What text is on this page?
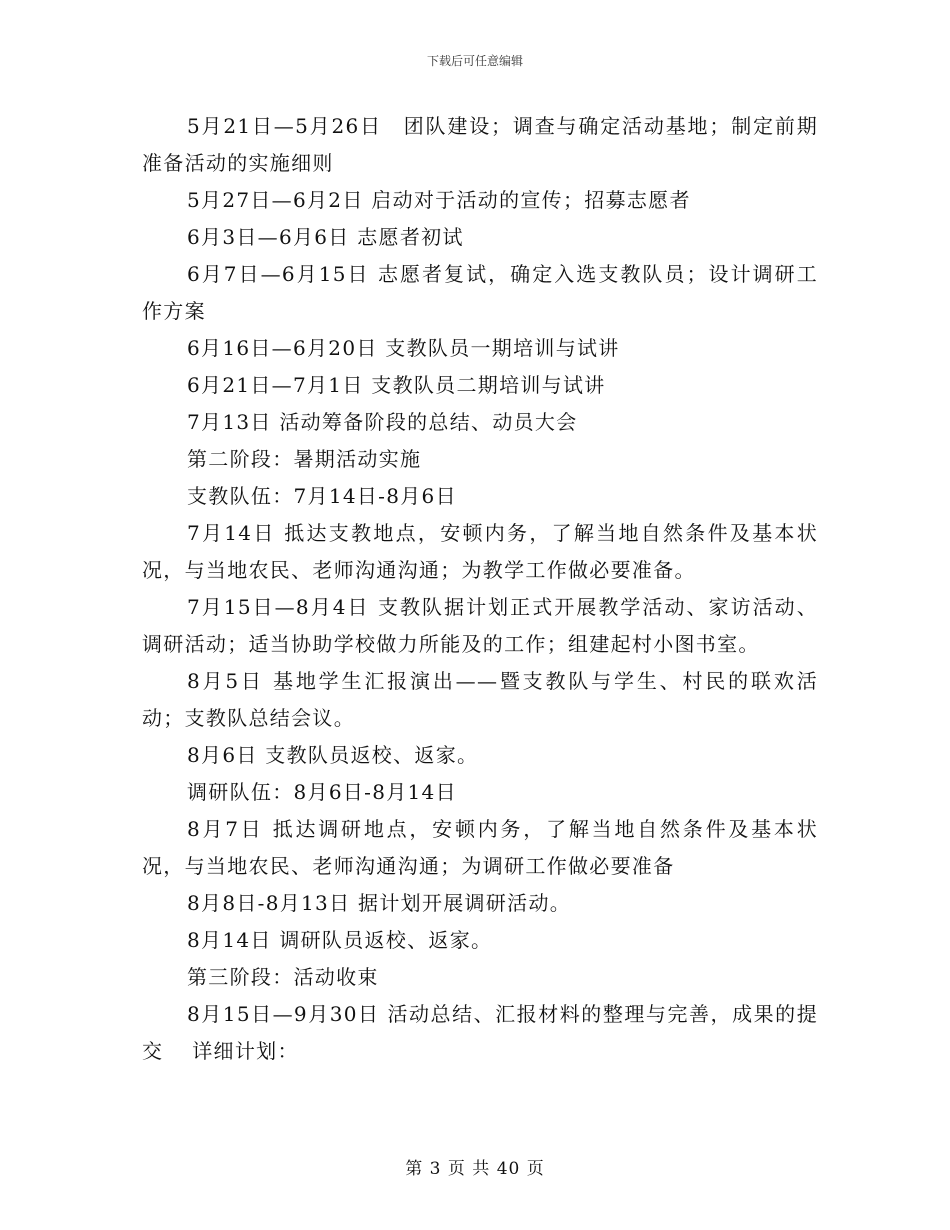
下载后可任意编辑

5月21日—5月26日　团队建设；调查与确定活动基地；制定前期准备活动的实施细则

5月27日—6月2日 启动对于活动的宣传；招募志愿者

6月3日—6月6日 志愿者初试

6月7日—6月15日 志愿者复试，确定入选支教队员；设计调研工作方案

6月16日—6月20日 支教队员一期培训与试讲

6月21日—7月1日 支教队员二期培训与试讲

7月13日 活动筹备阶段的总结、动员大会

第二阶段：暑期活动实施

支教队伍：7月14日-8月6日

7月14日 抵达支教地点，安顿内务，了解当地自然条件及基本状况，与当地农民、老师沟通沟通；为教学工作做必要准备。

7月15日—8月4日 支教队据计划正式开展教学活动、家访活动、调研活动；适当协助学校做力所能及的工作；组建起村小图书室。

8月5日 基地学生汇报演出——暨支教队与学生、村民的联欢活动；支教队总结会议。

8月6日 支教队员返校、返家。

调研队伍：8月6日-8月14日

8月7日 抵达调研地点，安顿内务，了解当地自然条件及基本状况，与当地农民、老师沟通沟通；为调研工作做必要准备

8月8日-8月13日 据计划开展调研活动。

8月14日 调研队员返校、返家。

第三阶段：活动收束

8月15日—9月30日 活动总结、汇报材料的整理与完善，成果的提交　 详细计划：

第 3 页 共 40 页
